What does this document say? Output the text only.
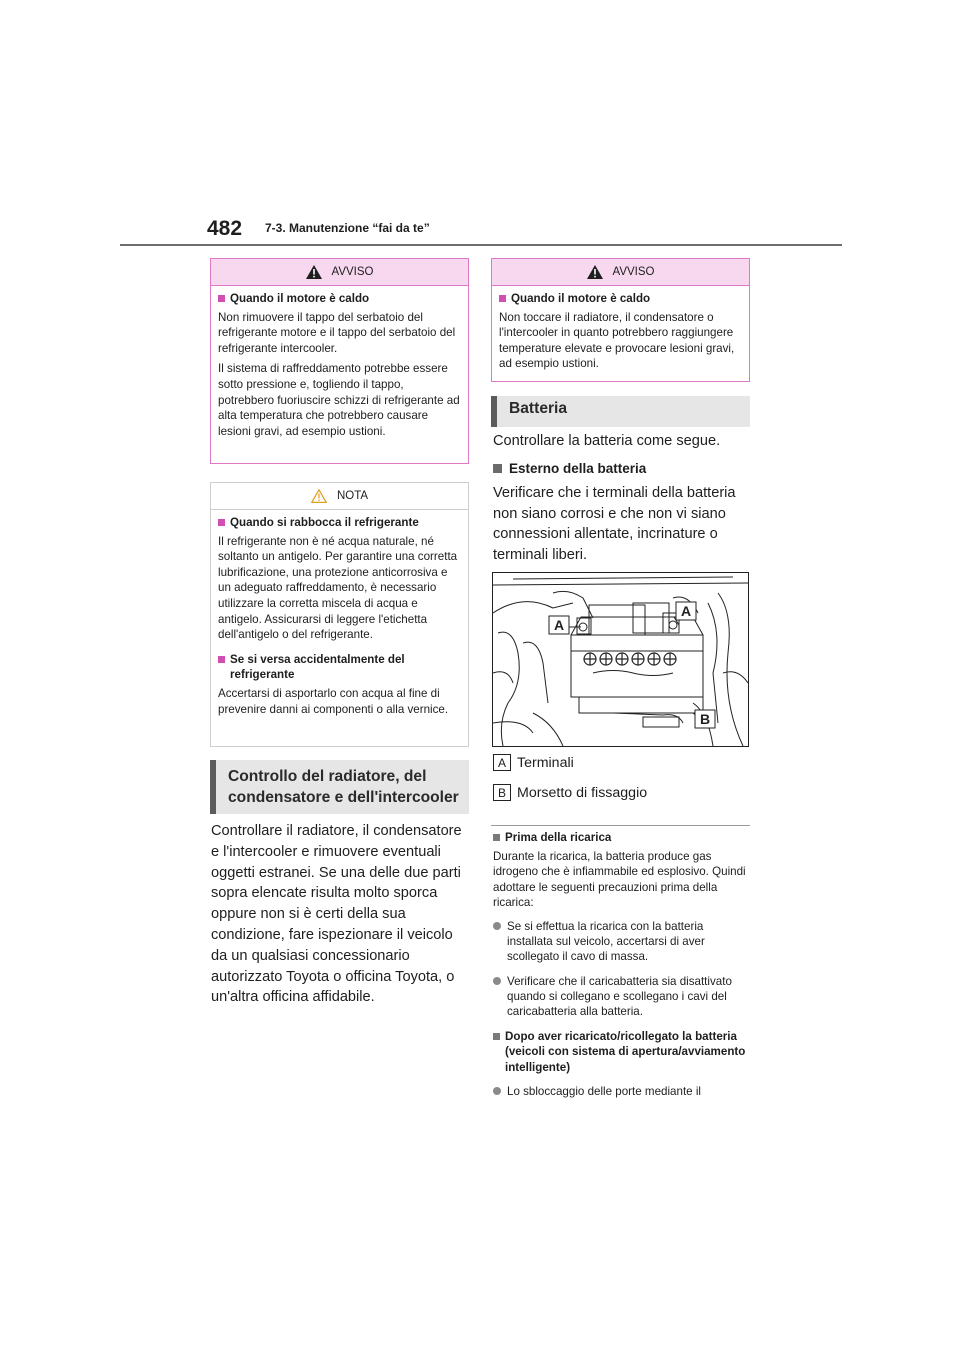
482 7-3. Manutenzione “fai da te”
AVVISO
Quando il motore è caldo

Non rimuovere il tappo del serbatoio del refrigerante motore e il tappo del serbatoio del refrigerante intercooler.

Il sistema di raffreddamento potrebbe essere sotto pressione e, togliendo il tappo, potrebbero fuoriuscire schizzi di refrigerante ad alta temperatura che potrebbero causare lesioni gravi, ad esempio ustioni.

NOTA
Quando si rabbocca il refrigerante

Il refrigerante non è né acqua naturale, né soltanto un antigelo. Per garantire una corretta lubrificazione, una protezione anticorrosiva e un adeguato raffreddamento, è necessario utilizzare la corretta miscela di acqua e antigelo. Assicurarsi di leggere l'etichetta dell'antigelo o del refrigerante.

Se si versa accidentalmente del refrigerante

Accertarsi di asportarlo con acqua al fine di prevenire danni ai componenti o alla vernice.

Controllo del radiatore, del condensatore e dell'intercooler

Controllare il radiatore, il condensatore e l'intercooler e rimuovere eventuali oggetti estranei. Se una delle due parti sopra elencate risulta molto sporca oppure non si è certi della sua condizione, fare ispezionare il veicolo da un qualsiasi concessionario autorizzato Toyota o officina Toyota, o un'altra officina affidabile.

AVVISO
Quando il motore è caldo

Non toccare il radiatore, il condensatore o l'intercooler in quanto potrebbero raggiungere temperature elevate e provocare lesioni gravi, ad esempio ustioni.

Batteria

Controllare la batteria come segue.

Esterno della batteria

Verificare che i terminali della batteria non siano corrosi e che non vi siano connessioni allentate, incrinature o terminali liberi.

A
A
B
A Terminali
B Morsetto di fissaggio
Prima della ricarica

Durante la ricarica, la batteria produce gas idrogeno che è infiammabile ed esplosivo. Quindi adottare le seguenti precauzioni prima della ricarica:

Se si effettua la ricarica con la batteria installata sul veicolo, accertarsi di aver scollegato il cavo di massa.
Verificare che il caricabatteria sia disattivato quando si collegano e scollegano i cavi del caricabatteria alla batteria.
Dopo aver ricaricato/ricollegato la batteria (veicoli con sistema di apertura/avviamento intelligente)
Lo sbloccaggio delle porte mediante il
